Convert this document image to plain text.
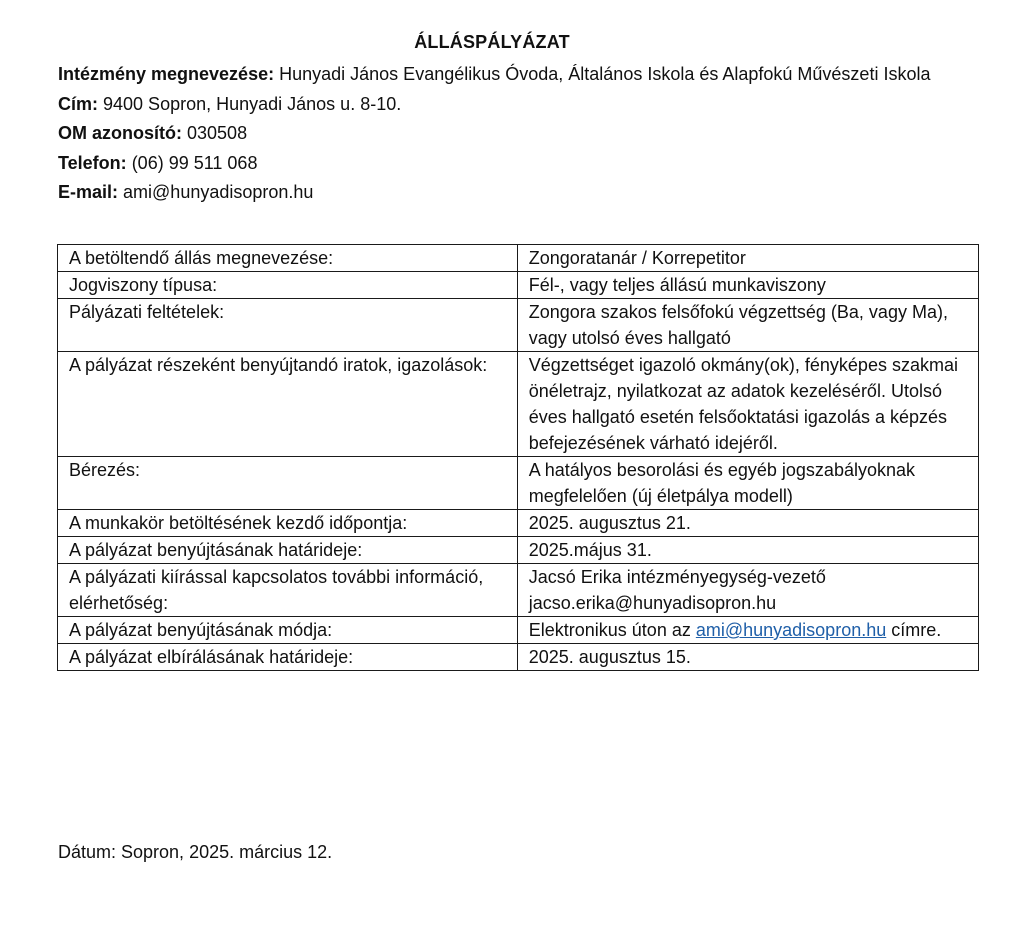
ÁLLÁSPÁLYÁZAT
Intézmény megnevezése: Hunyadi János Evangélikus Óvoda, Általános Iskola és Alapfokú Művészeti Iskola
Cím: 9400 Sopron, Hunyadi János u. 8-10.
OM azonosító: 030508
Telefon: (06) 99 511 068
E-mail: ami@hunyadisopron.hu
A betöltendő állás megnevezése:	Zongoratanár / Korrepetitor
Jogviszony típusa:	Fél-, vagy teljes állású munkaviszony
Pályázati feltételek:	Zongora szakos felsőfokú végzettség (Ba, vagy Ma), vagy utolsó éves hallgató
A pályázat részeként benyújtandó iratok, igazolások:	Végzettséget igazoló okmány(ok), fényképes szakmai önéletrajz, nyilatkozat az adatok kezeléséről. Utolsó éves hallgató esetén felsőoktatási igazolás a képzés befejezésének várható idejéről.
Bérezés:	A hatályos besorolási és egyéb jogszabályoknak megfelelően (új életpálya modell)
A munkakör betöltésének kezdő időpontja:	2025. augusztus 21.
A pályázat benyújtásának határideje:	2025.május 31.
A pályázati kiírással kapcsolatos további információ, elérhetőség:	Jacsó Erika intézményegység-vezető jacso.erika@hunyadisopron.hu
A pályázat benyújtásának módja:	Elektronikus úton az ami@hunyadisopron.hu címre.
A pályázat elbírálásának határideje:	2025. augusztus 15.
Dátum: Sopron, 2025. március 12.
